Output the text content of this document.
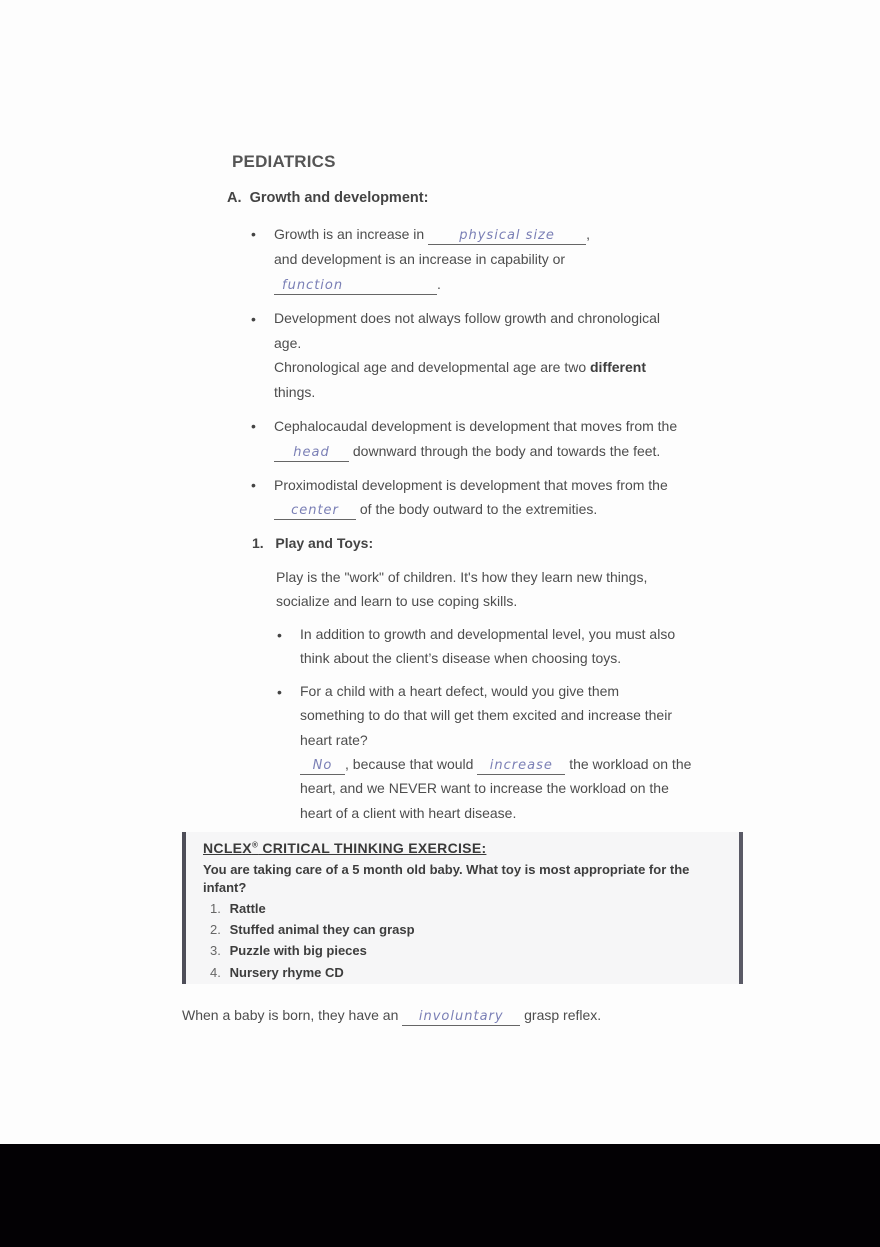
PEDIATRICS
A. Growth and development:
• Growth is an increase in	physical size ,
and development is an increase in capability or
function	.
• Development does not always follow growth and chronological
age.
Chronological age and developmental age are two different
things.
• Cephalocaudal development is development that moves from the
head downward through the body and towards the feet.
• Proximodistal development is development that moves from the
center of the body outward to the extremities.
1. Play and Toys:
Play is the "work" of children. It's how they learn new things,
socialize and learn to use coping skills.
• In addition to growth and developmental level, you must also
think about the client’s disease when choosing toys.
• For a child with a heart defect, would you give them
something to do that will get them excited and increase their
heart rate?
No , because that would increase the workload on the
heart, and we NEVER want to increase the workload on the
heart of a client with heart disease.
NCLEX® CRITICAL THINKING EXERCISE:
You are taking care of a 5 month old baby. What toy is most appropriate for the infant?
1. Rattle
2. Stuffed animal they can grasp
3. Puzzle with big pieces
4. Nursery rhyme CD
When a baby is born, they have an involuntary grasp reflex.
